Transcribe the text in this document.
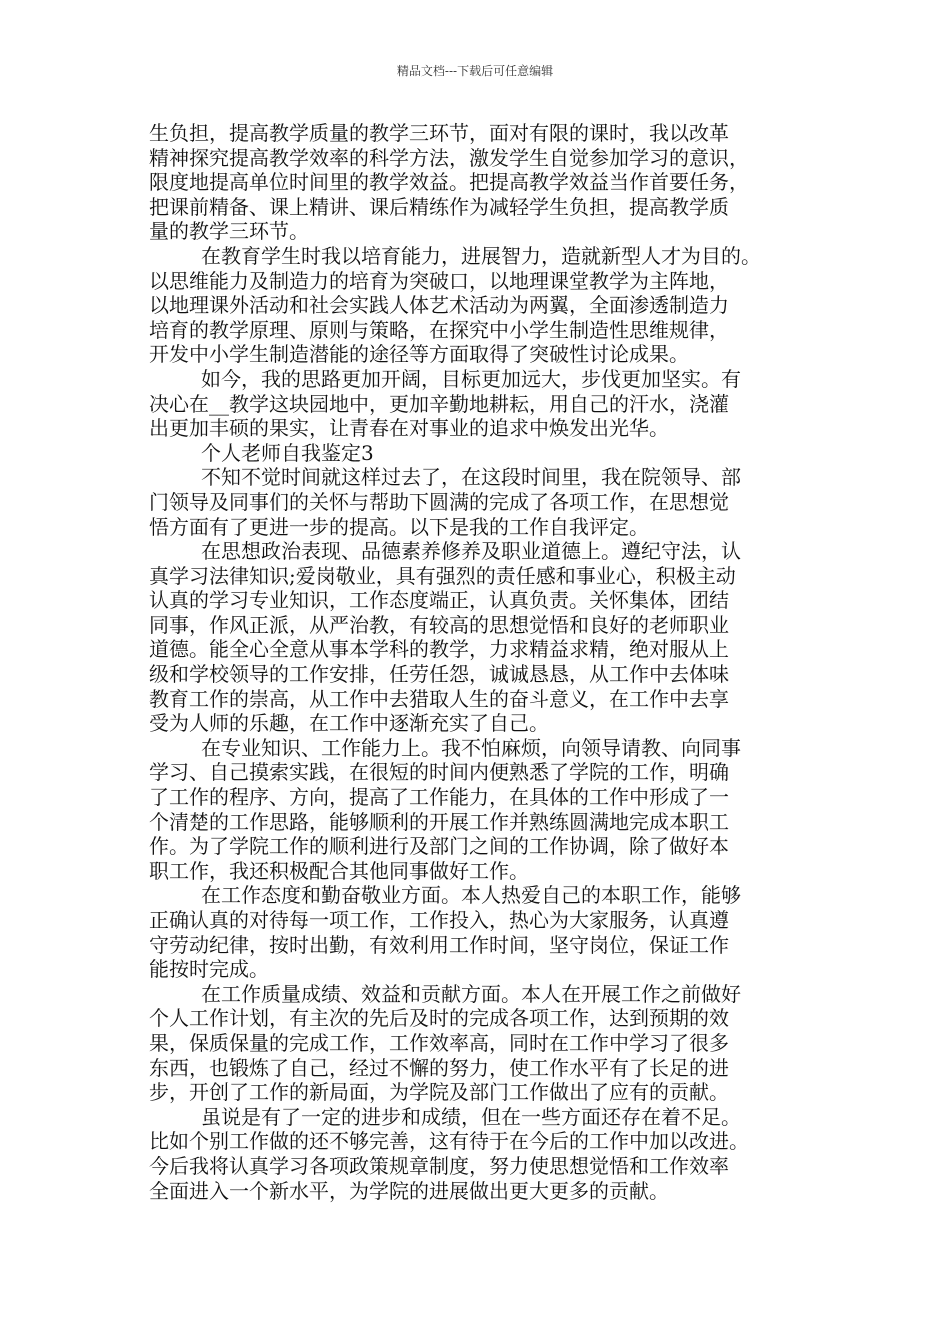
精品文档---下载后可任意编辑
生负担，提高教学质量的教学三环节，面对有限的课时，我以改革
精神探究提高教学效率的科学方法，激发学生自觉参加学习的意识，
限度地提高单位时间里的教学效益。把提高教学效益当作首要任务，
把课前精备、课上精讲、课后精练作为减轻学生负担，提高教学质
量的教学三环节。
在教育学生时我以培育能力，进展智力，造就新型人才为目的。
以思维能力及制造力的培育为突破口，以地理课堂教学为主阵地，
以地理课外活动和社会实践人体艺术活动为两翼，全面渗透制造力
培育的教学原理、原则与策略，在探究中小学生制造性思维规律，
开发中小学生制造潜能的途径等方面取得了突破性讨论成果。
如今，我的思路更加开阔，目标更加远大，步伐更加坚实。有
决心在__教学这块园地中，更加辛勤地耕耘，用自己的汗水，浇灌
出更加丰硕的果实，让青春在对事业的追求中焕发出光华。
个人老师自我鉴定3
不知不觉时间就这样过去了，在这段时间里，我在院领导、部
门领导及同事们的关怀与帮助下圆满的完成了各项工作，在思想觉
悟方面有了更进一步的提高。以下是我的工作自我评定。
在思想政治表现、品德素养修养及职业道德上。遵纪守法，认
真学习法律知识;爱岗敬业，具有强烈的责任感和事业心，积极主动
认真的学习专业知识，工作态度端正，认真负责。关怀集体，团结
同事，作风正派，从严治教，有较高的思想觉悟和良好的老师职业
道德。能全心全意从事本学科的教学，力求精益求精，绝对服从上
级和学校领导的工作安排，任劳任怨，诚诚恳恳，从工作中去体味
教育工作的崇高，从工作中去猎取人生的奋斗意义，在工作中去享
受为人师的乐趣，在工作中逐渐充实了自己。
在专业知识、工作能力上。我不怕麻烦，向领导请教、向同事
学习、自己摸索实践，在很短的时间内便熟悉了学院的工作，明确
了工作的程序、方向，提高了工作能力，在具体的工作中形成了一
个清楚的工作思路，能够顺利的开展工作并熟练圆满地完成本职工
作。为了学院工作的顺利进行及部门之间的工作协调，除了做好本
职工作，我还积极配合其他同事做好工作。
在工作态度和勤奋敬业方面。本人热爱自己的本职工作，能够
正确认真的对待每一项工作，工作投入，热心为大家服务，认真遵
守劳动纪律，按时出勤，有效利用工作时间，坚守岗位，保证工作
能按时完成。
在工作质量成绩、效益和贡献方面。本人在开展工作之前做好
个人工作计划，有主次的先后及时的完成各项工作，达到预期的效
果，保质保量的完成工作，工作效率高，同时在工作中学习了很多
东西，也锻炼了自己，经过不懈的努力，使工作水平有了长足的进
步，开创了工作的新局面，为学院及部门工作做出了应有的贡献。
虽说是有了一定的进步和成绩，但在一些方面还存在着不足。
比如个别工作做的还不够完善，这有待于在今后的工作中加以改进。
今后我将认真学习各项政策规章制度，努力使思想觉悟和工作效率
全面进入一个新水平，为学院的进展做出更大更多的贡献。
